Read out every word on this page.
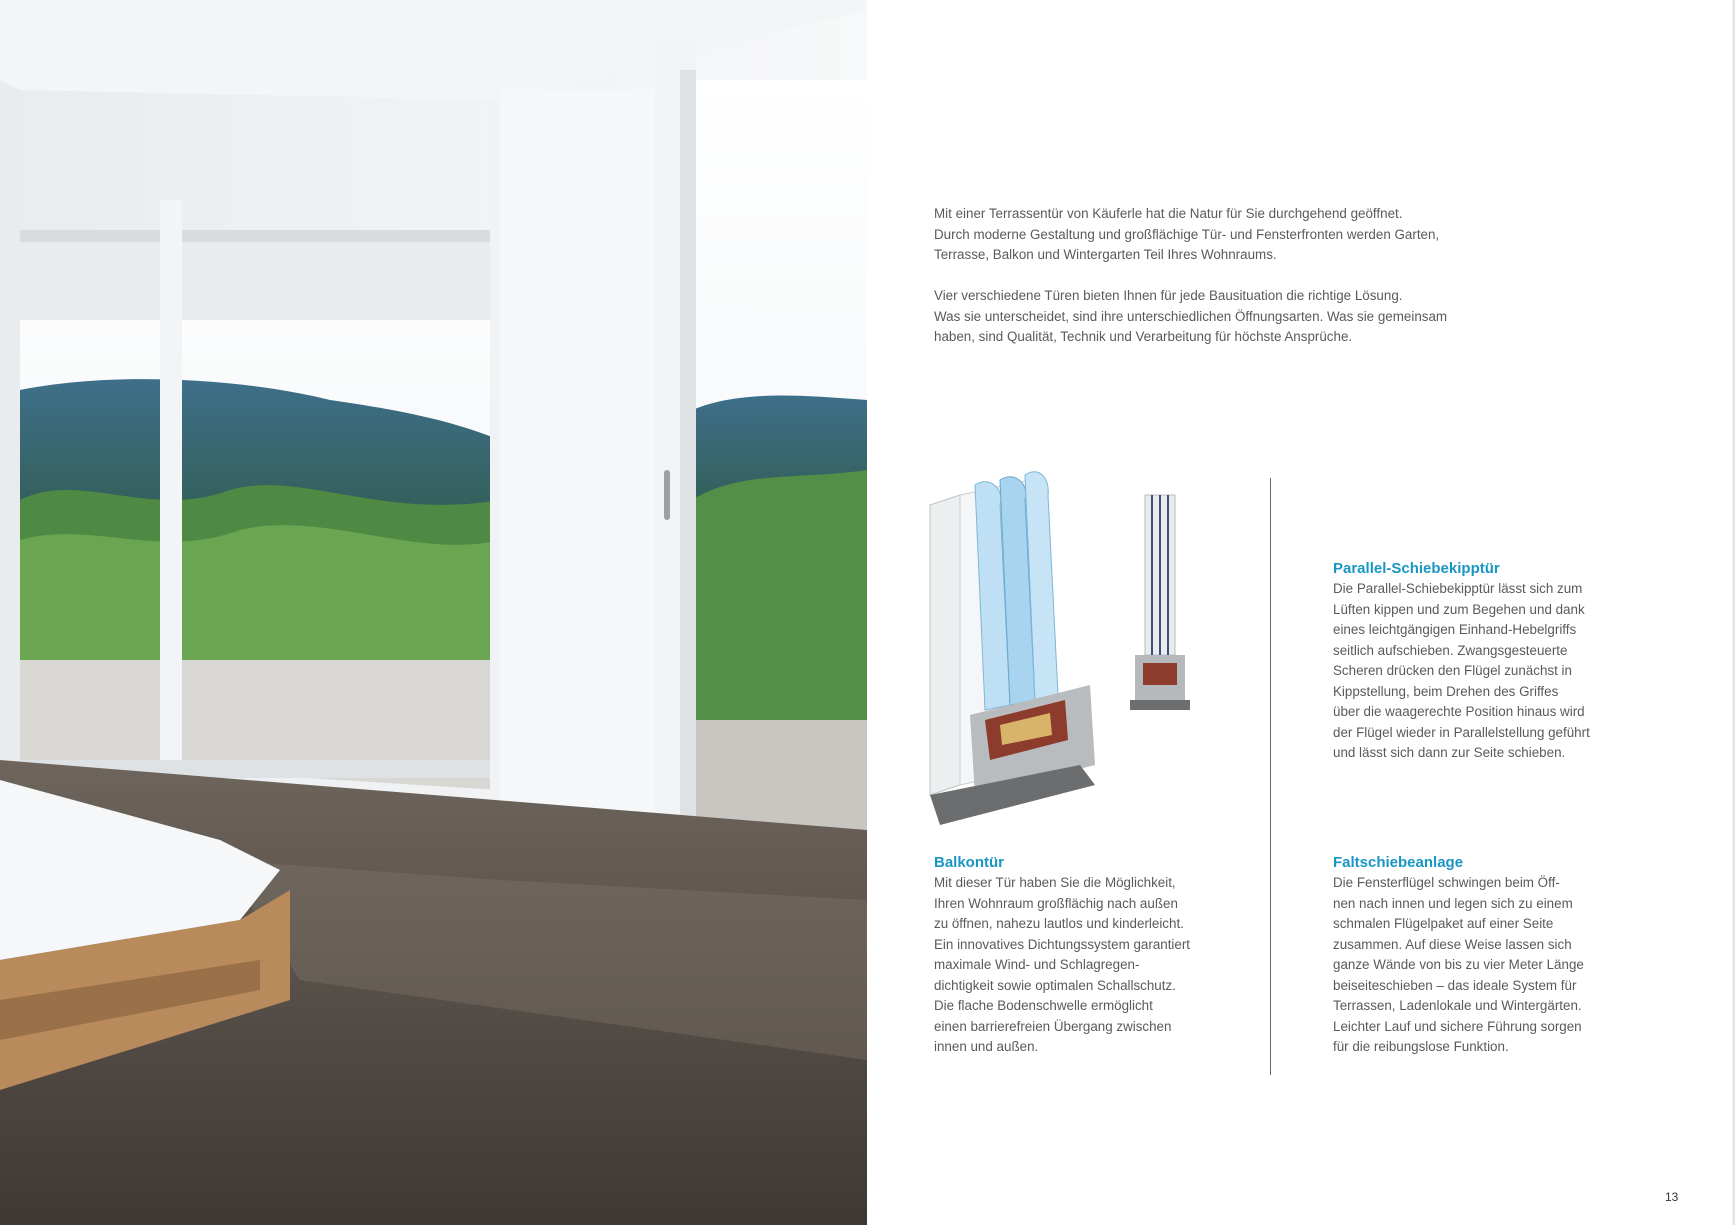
Mit einer Terrassentür von Käuferle hat die Natur für Sie durchgehend geöffnet.
Durch moderne Gestaltung und großflächige Tür- und Fensterfronten werden Garten,
Terrasse, Balkon und Wintergarten Teil Ihres Wohnraums.

Vier verschiedene Türen bieten Ihnen für jede Bausituation die richtige Lösung.
Was sie unterscheidet, sind ihre unterschiedlichen Öffnungsarten. Was sie gemeinsam
haben, sind Qualität, Technik und Verarbeitung für höchste Ansprüche.

Parallel-Schiebekipptür
Die Parallel-Schiebekipptür lässt sich zum
Lüften kippen und zum Begehen und dank
eines leichtgängigen Einhand-Hebelgriffs
seitlich aufschieben. Zwangsgesteuerte
Scheren drücken den Flügel zunächst in
Kippstellung, beim Drehen des Griffes
über die waagerechte Position hinaus wird
der Flügel wieder in Parallelstellung geführt
und lässt sich dann zur Seite schieben.
Balkontür
Mit dieser Tür haben Sie die Möglichkeit,
Ihren Wohnraum großflächig nach außen
zu öffnen, nahezu lautlos und kinderleicht.
Ein innovatives Dichtungssystem garantiert
maximale Wind- und Schlagregen-
dichtigkeit sowie optimalen Schallschutz.
Die flache Bodenschwelle ermöglicht
einen barrierefreien Übergang zwischen
innen und außen.
Faltschiebeanlage
Die Fensterflügel schwingen beim Öff-
nen nach innen und legen sich zu einem
schmalen Flügelpaket auf einer Seite
zusammen. Auf diese Weise lassen sich
ganze Wände von bis zu vier Meter Länge
beiseiteschieben – das ideale System für
Terrassen, Ladenlokale und Wintergärten.
Leichter Lauf und sichere Führung sorgen
für die reibungslose Funktion.
13
